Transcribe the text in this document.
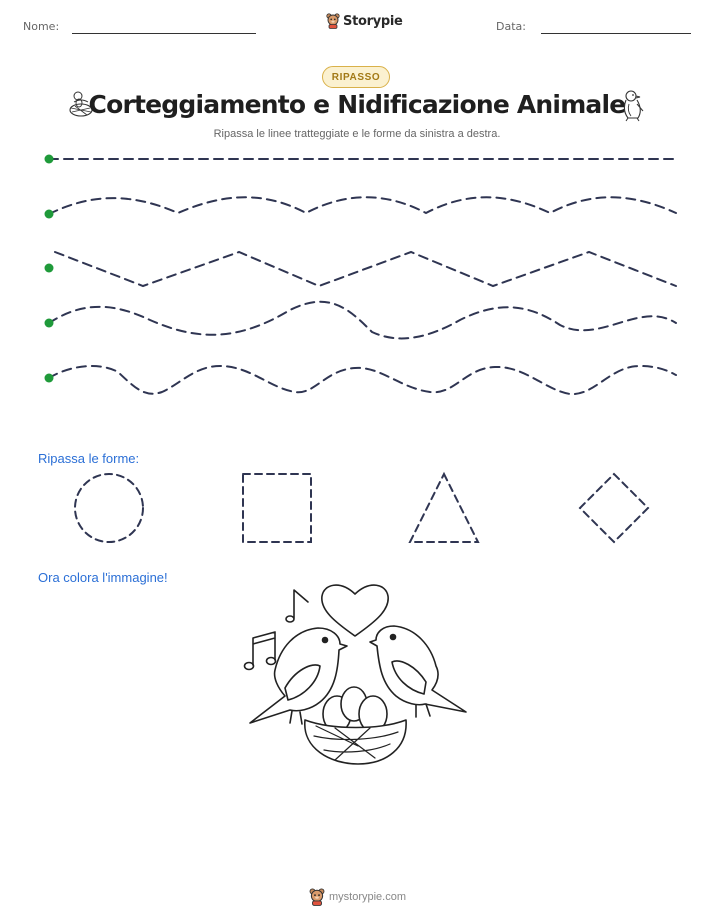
Nome:	Storypie	Data:
RIPASSO
Corteggiamento e Nidificazione Animale
Ripassa le linee tratteggiate e le forme da sinistra a destra.
Ripassa le forme:
Ora colora l'immagine!
mystorypie.com
